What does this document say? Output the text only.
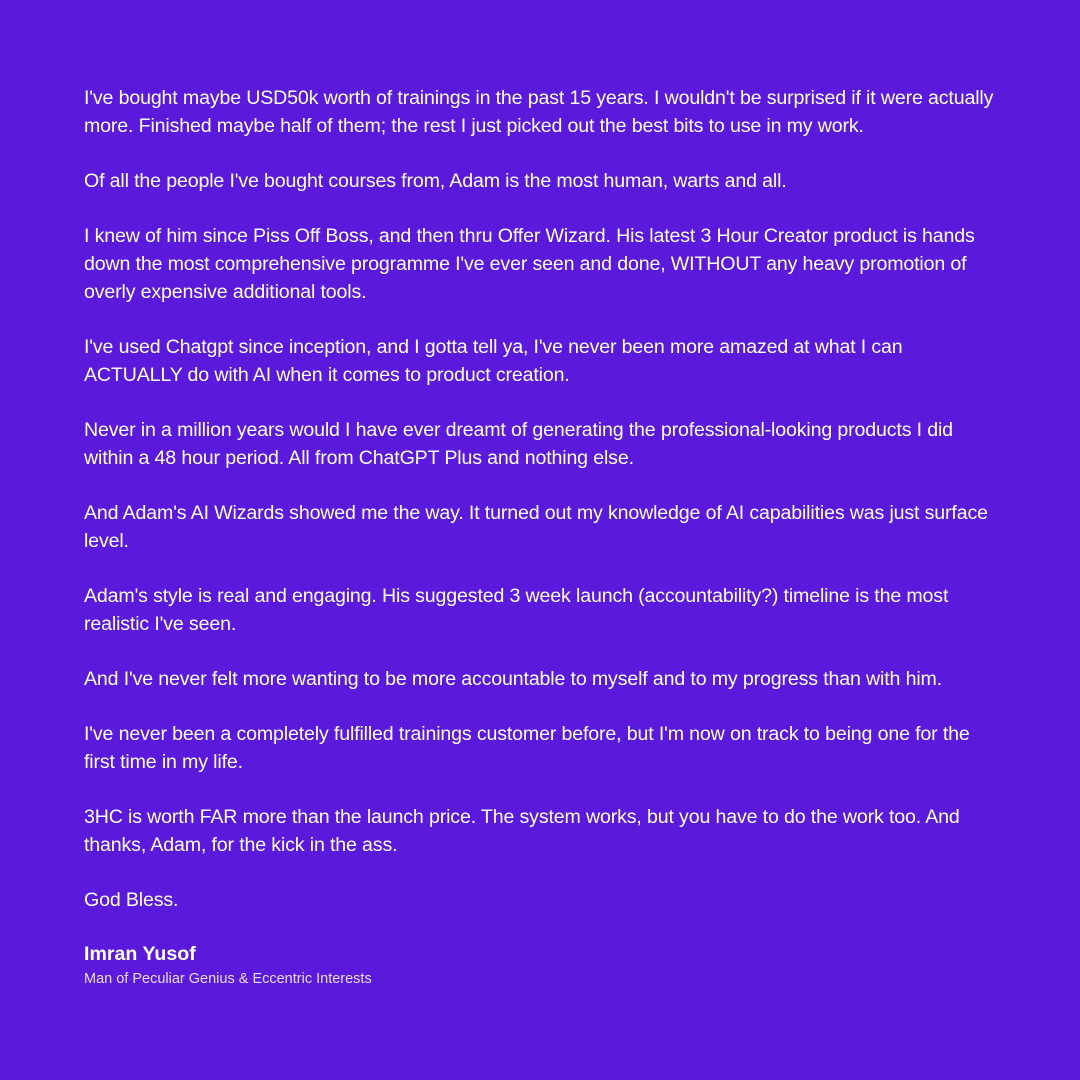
I've bought maybe USD50k worth of trainings in the past 15 years. I wouldn't be surprised if it were actually more. Finished maybe half of them; the rest I just picked out the best bits to use in my work.

Of all the people I've bought courses from, Adam is the most human, warts and all.

I knew of him since Piss Off Boss, and then thru Offer Wizard. His latest 3 Hour Creator product is hands down the most comprehensive programme I've ever seen and done, WITHOUT any heavy promotion of overly expensive additional tools.

I've used Chatgpt since inception, and I gotta tell ya, I've never been more amazed at what I can ACTUALLY do with AI when it comes to product creation.

Never in a million years would I have ever dreamt of generating the professional-looking products I did within a 48 hour period. All from ChatGPT Plus and nothing else.

And Adam's AI Wizards showed me the way. It turned out my knowledge of AI capabilities was just surface level.

Adam's style is real and engaging. His suggested 3 week launch (accountability?) timeline is the most realistic I've seen.

And I've never felt more wanting to be more accountable to myself and to my progress than with him.

I've never been a completely fulfilled trainings customer before, but I'm now on track to being one for the first time in my life.

3HC is worth FAR more than the launch price. The system works, but you have to do the work too. And thanks, Adam, for the kick in the ass.

God Bless.

Imran Yusof

Man of Peculiar Genius & Eccentric Interests
